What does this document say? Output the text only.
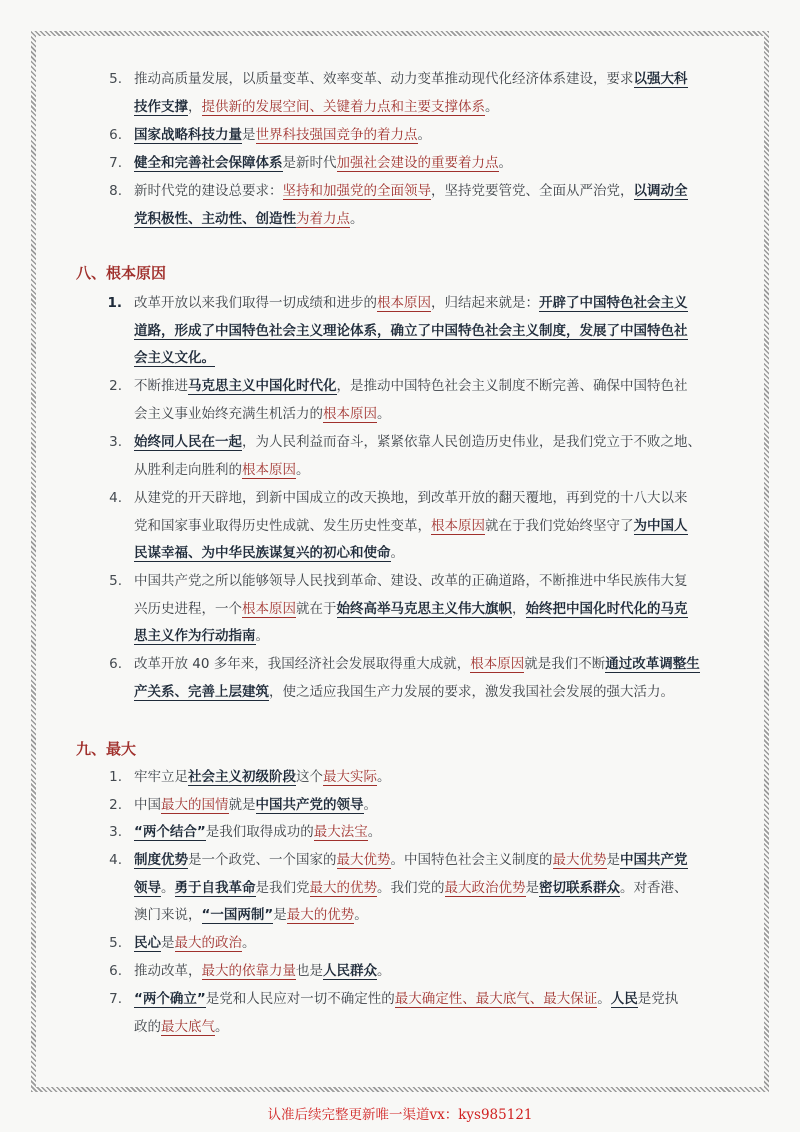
5. 推动高质量发展，以质量变革、效率变革、动力变革推动现代化经济体系建设，要求以强大科
技作支撑，提供新的发展空间、关键着力点和主要支撑体系。
6. 国家战略科技力量是世界科技强国竞争的着力点。
7. 健全和完善社会保障体系是新时代加强社会建设的重要着力点。
8. 新时代党的建设总要求：坚持和加强党的全面领导，坚持党要管党、全面从严治党，以调动全
党积极性、主动性、创造性为着力点。
八、根本原因
1. 改革开放以来我们取得一切成绩和进步的根本原因，归结起来就是：开辟了中国特色社会主义
道路，形成了中国特色社会主义理论体系，确立了中国特色社会主义制度，发展了中国特色社
会主义文化。
2. 不断推进马克思主义中国化时代化，是推动中国特色社会主义制度不断完善、确保中国特色社
会主义事业始终充满生机活力的根本原因。
3. 始终同人民在一起，为人民利益而奋斗，紧紧依靠人民创造历史伟业，是我们党立于不败之地、
从胜利走向胜利的根本原因。
4. 从建党的开天辟地，到新中国成立的改天换地，到改革开放的翻天覆地，再到党的十八大以来
党和国家事业取得历史性成就、发生历史性变革，根本原因就在于我们党始终坚守了为中国人
民谋幸福、为中华民族谋复兴的初心和使命。
5. 中国共产党之所以能够领导人民找到革命、建设、改革的正确道路，不断推进中华民族伟大复
兴历史进程，一个根本原因就在于始终高举马克思主义伟大旗帜，始终把中国化时代化的马克
思主义作为行动指南。
6. 改革开放 40 多年来，我国经济社会发展取得重大成就，根本原因就是我们不断通过改革调整生
产关系、完善上层建筑，使之适应我国生产力发展的要求，激发我国社会发展的强大活力。
九、最大
1. 牢牢立足社会主义初级阶段这个最大实际。
2. 中国最大的国情就是中国共产党的领导。
3. “两个结合”是我们取得成功的最大法宝。
4. 制度优势是一个政党、一个国家的最大优势。中国特色社会主义制度的最大优势是中国共产党
领导。勇于自我革命是我们党最大的优势。我们党的最大政治优势是密切联系群众。对香港、
澳门来说，“一国两制”是最大的优势。
5. 民心是最大的政治。
6. 推动改革，最大的依靠力量也是人民群众。
7. “两个确立”是党和人民应对一切不确定性的最大确定性、最大底气、最大保证。人民是党执
政的最大底气。
认准后续完整更新唯一渠道vx：kys985121
